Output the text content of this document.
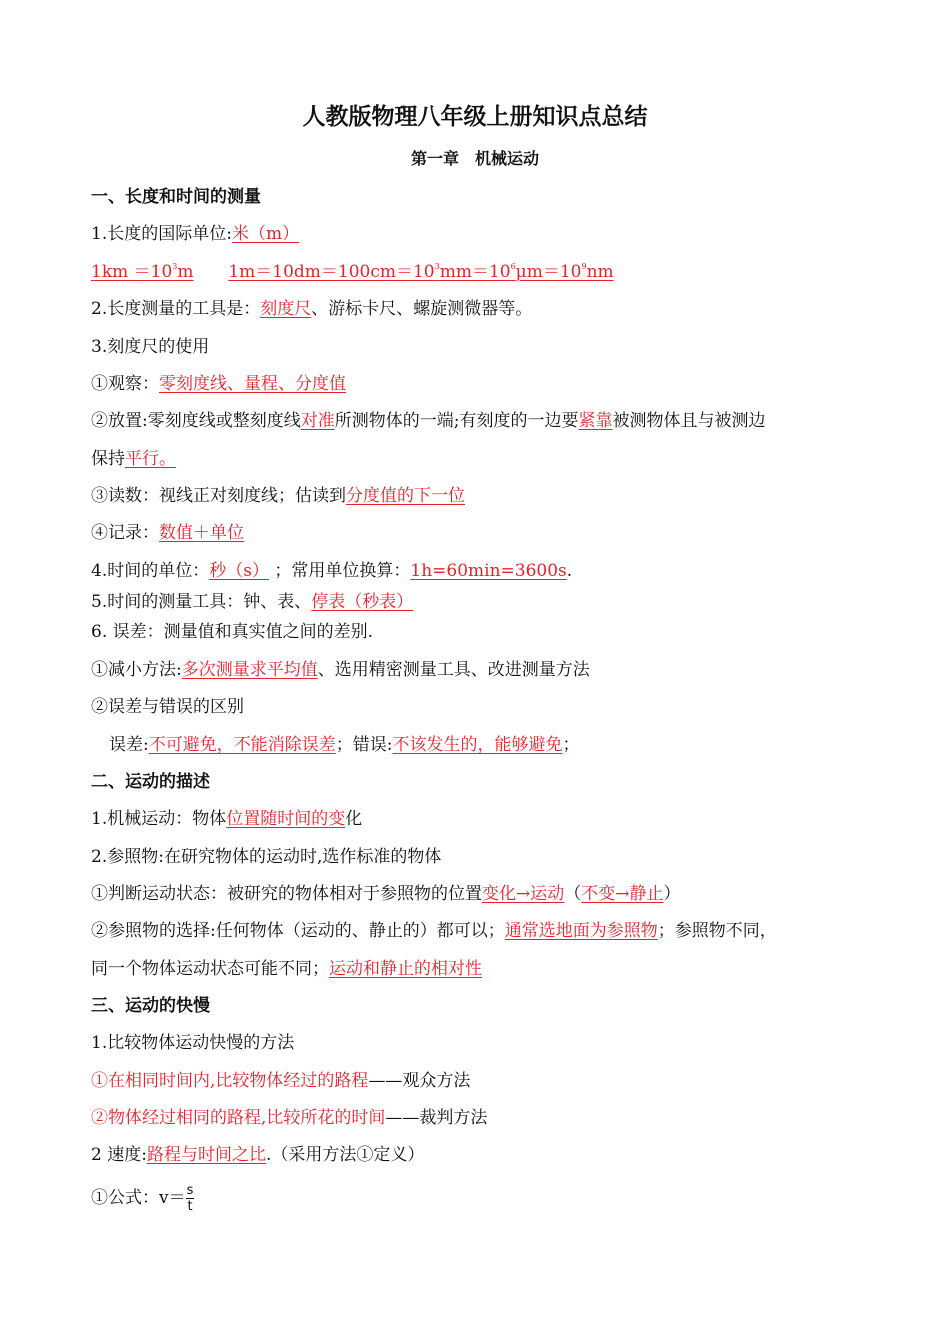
人教版物理八年级上册知识点总结
第一章　机械运动
一、长度和时间的测量
1.长度的国际单位:米（m）
$1km =10^3m$ $1m=10dm=100cm=10^3mm=10^6\mu m=10^9nm$
2.长度测量的工具是：刻度尺、游标卡尺、螺旋测微器等。
3.刻度尺的使用
①观察：零刻度线、量程、分度值
②放置:零刻度线或整刻度线对准所测物体的一端;有刻度的一边要紧靠被测物体且与被测边
保持平行。
③读数：视线正对刻度线；估读到分度值的下一位
④记录：数值＋单位
4.时间的单位：秒（s） ；常用单位换算：1h=60min=3600s.
5.时间的测量工具：钟、表、停表（秒表）
6. 误差：测量值和真实值之间的差别.
①减小方法:多次测量求平均值、选用精密测量工具、改进测量方法
②误差与错误的区别
误差:不可避免，不能消除误差；错误:不该发生的，能够避免；
二、运动的描述
1.机械运动：物体位置随时间的变化
2.参照物:在研究物体的运动时,选作标准的物体
①判断运动状态：被研究的物体相对于参照物的位置变化→运动（不变→静止）
②参照物的选择:任何物体（运动的、静止的）都可以；通常选地面为参照物；参照物不同，
同一个物体运动状态可能不同；运动和静止的相对性
三、运动的快慢
1.比较物体运动快慢的方法
①在相同时间内,比较物体经过的路程——观众方法
②物体经过相同的路程,比较所花的时间——裁判方法
2 速度:路程与时间之比.（采用方法①定义）
①公式：$v= \frac{s}{t}$
